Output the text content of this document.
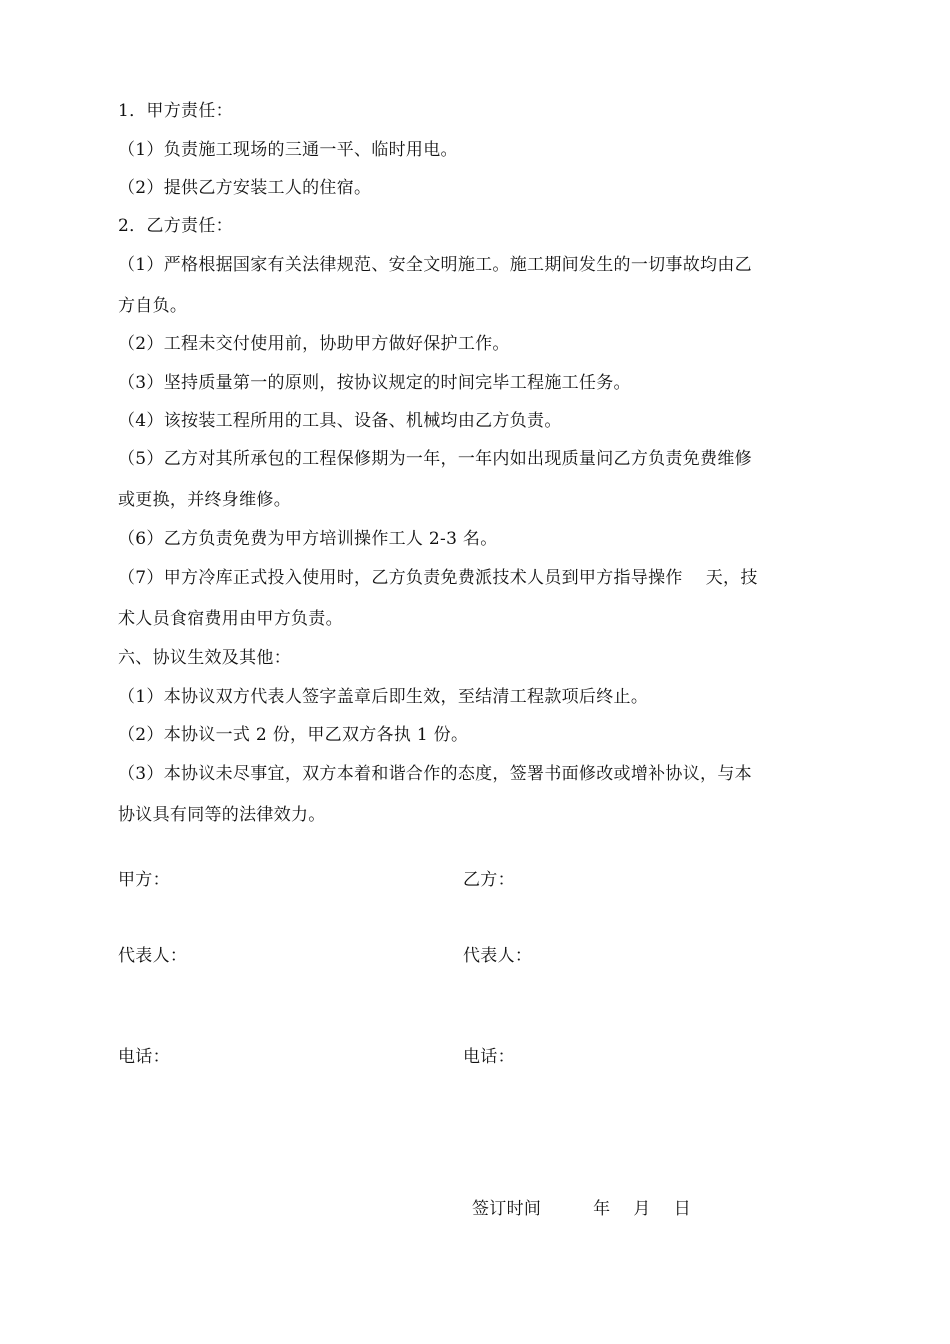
1．甲方责任：
（1）负责施工现场的三通一平、临时用电。
（2）提供乙方安装工人的住宿。
2．乙方责任：
（1）严格根据国家有关法律规范、安全文明施工。施工期间发生的一切事故均由乙
方自负。
（2）工程未交付使用前，协助甲方做好保护工作。
（3）坚持质量第一的原则，按协议规定的时间完毕工程施工任务。
（4）该按装工程所用的工具、设备、机械均由乙方负责。
（5）乙方对其所承包的工程保修期为一年，一年内如出现质量问乙方负责免费维修
或更换，并终身维修。
（6）乙方负责免费为甲方培训操作工人 2-3 名。
（7）甲方冷库正式投入使用时，乙方负责免费派技术人员到甲方指导操作　 天，技
术人员食宿费用由甲方负责。
六、协议生效及其他：
（1）本协议双方代表人签字盖章后即生效，至结清工程款项后终止。
（2）本协议一式 2 份，甲乙双方各执 1 份。
（3）本协议未尽事宜，双方本着和谐合作的态度，签署书面修改或增补协议，与本
协议具有同等的法律效力。
甲方：	乙方：
代表人：	代表人：
电话：	电话：
签订时间　　　年　 月　 日
